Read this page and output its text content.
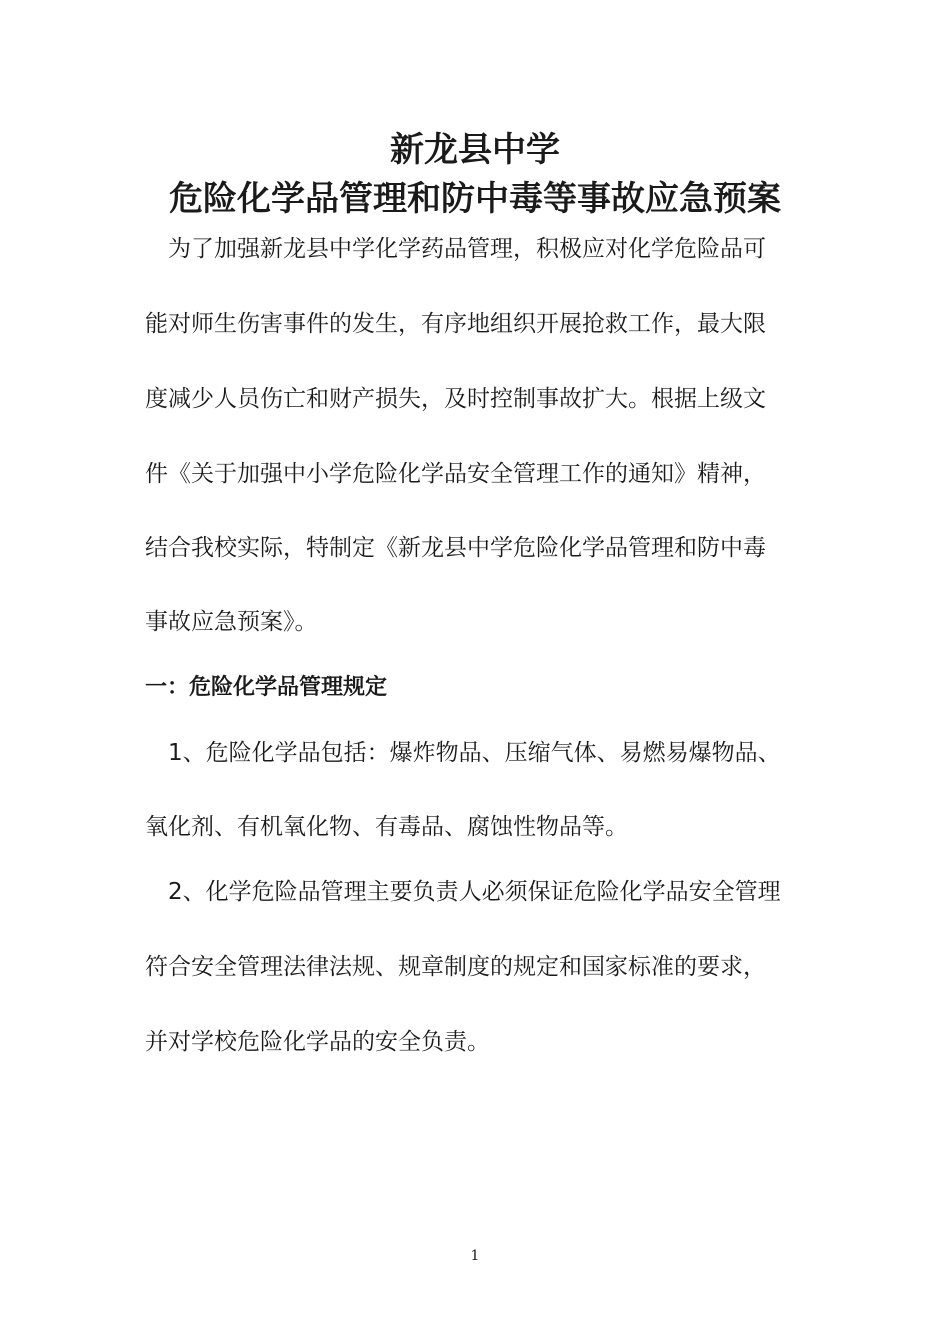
新龙县中学
危险化学品管理和防中毒等事故应急预案
　为了加强新龙县中学化学药品管理，积极应对化学危险品可
能对师生伤害事件的发生，有序地组织开展抢救工作，最大限
度减少人员伤亡和财产损失，及时控制事故扩大。根据上级文
件《关于加强中小学危险化学品安全管理工作的通知》精神，
结合我校实际，特制定《新龙县中学危险化学品管理和防中毒
事故应急预案》。
一：危险化学品管理规定
　1、危险化学品包括：爆炸物品、压缩气体、易燃易爆物品、
氧化剂、有机氧化物、有毒品、腐蚀性物品等。
　2、化学危险品管理主要负责人必须保证危险化学品安全管理
符合安全管理法律法规、规章制度的规定和国家标准的要求，
并对学校危险化学品的安全负责。
1
